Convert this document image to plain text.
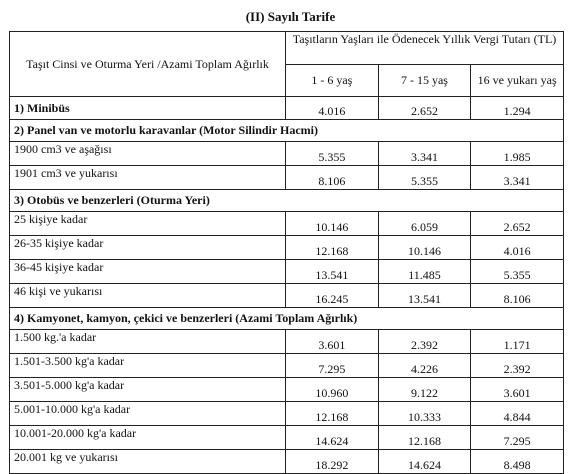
(II) Sayılı Tarife
Taşıt Cinsi ve Oturma Yeri /Azami Toplam Ağırlık	Taşıtların Yaşları ile Ödenecek Yıllık Vergi Tutarı (TL)		
	1 - 6 yaş	7 - 15 yaş	16 ve yukarı yaş
1) Minibüs	4.016	2.652	1.294
2) Panel van ve motorlu karavanlar (Motor Silindir Hacmi)			
1900 cm3 ve aşağısı	5.355	3.341	1.985
1901 cm3 ve yukarısı	8.106	5.355	3.341
3) Otobüs ve benzerleri (Oturma Yeri)			
25 kişiye kadar	10.146	6.059	2.652
26-35 kişiye kadar	12.168	10.146	4.016
36-45 kişiye kadar	13.541	11.485	5.355
46 kişi ve yukarısı	16.245	13.541	8.106
4) Kamyonet, kamyon, çekici ve benzerleri (Azami Toplam Ağırlık)			
1.500 kg.'a kadar	3.601	2.392	1.171
1.501-3.500 kg'a kadar	7.295	4.226	2.392
3.501-5.000 kg'a kadar	10.960	9.122	3.601
5.001-10.000 kg'a kadar	12.168	10.333	4.844
10.001-20.000 kg'a kadar	14.624	12.168	7.295
20.001 kg ve yukarısı	18.292	14.624	8.498
